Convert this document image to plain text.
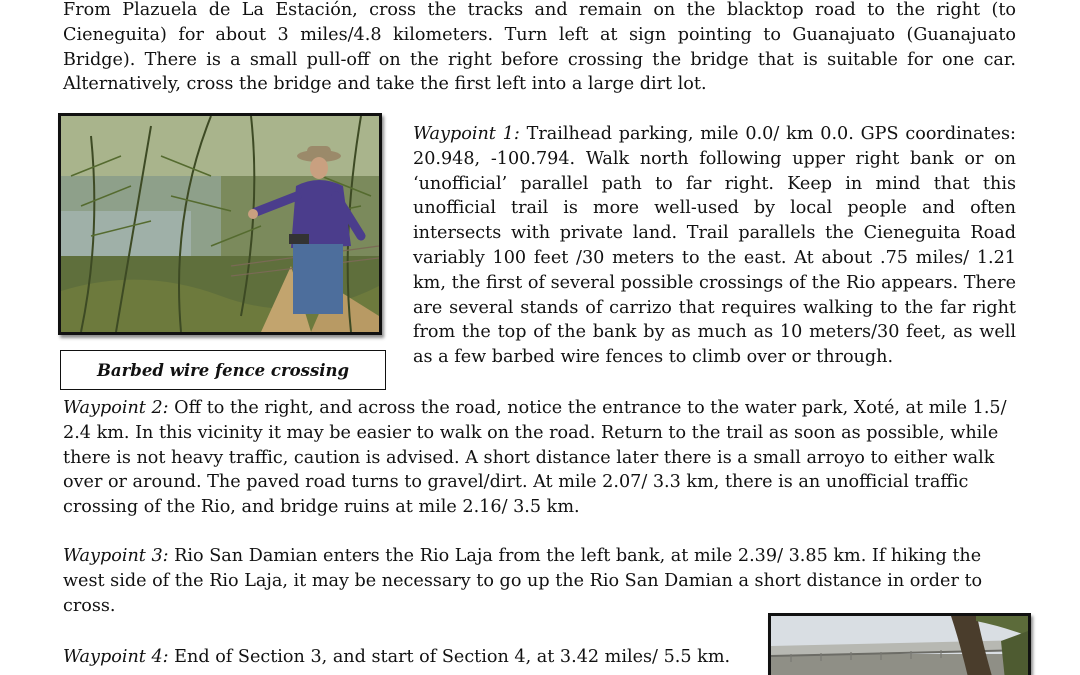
From Plazuela de La Estación, cross the tracks and remain on the blacktop road to the right (to Cieneguita) for about 3 miles/4.8 kilometers. Turn left at sign pointing to Guanajuato (Guanajuato Bridge). There is a small pull-off on the right before crossing the bridge that is suitable for one car. Alternatively, cross the bridge and take the first left into a large dirt lot.

Barbed wire fence crossing

Waypoint 1: Trailhead parking, mile 0.0/ km 0.0. GPS coordinates: 20.948, -100.794. Walk north following upper right bank or on ‘unofficial’ parallel path to far right. Keep in mind that this unofficial trail is more well-used by local people and often intersects with private land. Trail parallels the Cieneguita Road variably 100 feet /30 meters to the east. At about .75 miles/ 1.21 km, the first of several possible crossings of the Rio appears. There are several stands of carrizo that requires walking to the far right from the top of the bank by as much as 10 meters/30 feet, as well as a few barbed wire fences to climb over or through.

Waypoint 2: Off to the right, and across the road, notice the entrance to the water park, Xoté, at mile 1.5/ 2.4 km. In this vicinity it may be easier to walk on the road. Return to the trail as soon as possible, while there is not heavy traffic, caution is advised. A short distance later there is a small arroyo to either walk over or around. The paved road turns to gravel/dirt. At mile 2.07/ 3.3 km, there is an unofficial traffic crossing of the Rio, and bridge ruins at mile 2.16/ 3.5 km.

Waypoint 3: Rio San Damian enters the Rio Laja from the left bank, at mile 2.39/ 3.85 km. If hiking the west side of the Rio Laja, it may be necessary to go up the Rio San Damian a short distance in order to cross.

Waypoint 4: End of Section 3, and start of Section 4, at 3.42 miles/ 5.5 km.
